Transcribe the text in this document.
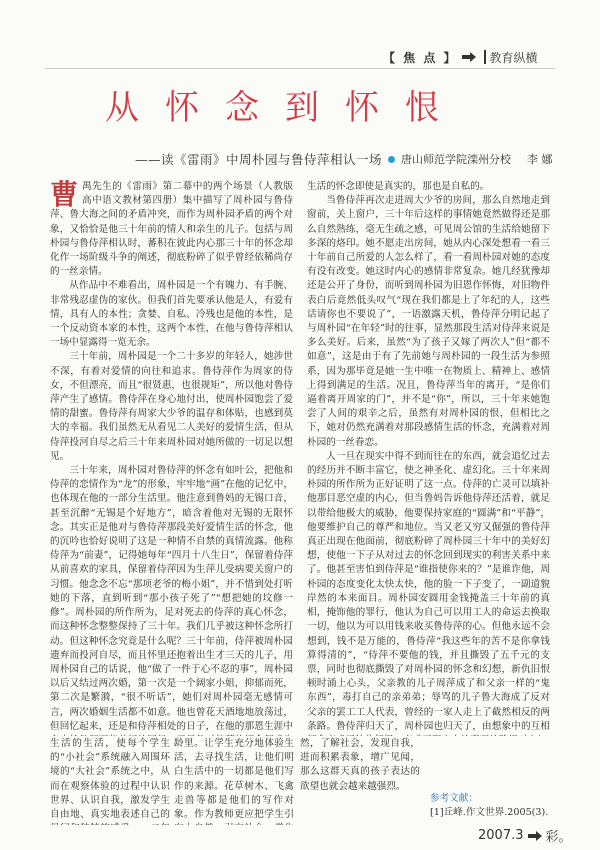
【 焦 点 】	教育纵横
从怀念到怀恨
——读《雷雨》中周朴园与鲁侍萍相认一场 唐山师范学院滦州分校 李 娜

曹禺先生的《雷雨》第二幕中的两个场景（人教版高中语文教材第四册）集中描写了周朴园与鲁侍萍、鲁大海之间的矛盾冲突，而作为周朴园矛盾的两个对象，又恰恰是他三十年前的情人和亲生的儿子。包括与周朴园与鲁侍萍相认时，蕃积在彼此内心那三十年的怀念却化作一场阶级斗争的阐述，彻底粉碎了似乎曾经依稀尚存的一丝亲情。

从作品中不难看出，周朴园是一个有魄力、有手腕、非常残忍虚伪的家伙。但我们首先要承认他是人，有爱有情，具有人的本性；贪婪、自私、冷残也是他的本性，是一个反动资本家的本性，这两个本性，在他与鲁侍萍相认一场中显露得一览无余。

三十年前，周朴园是一个二十多岁的年轻人，她涉世不深，有着对爱情的向往和追求。鲁侍萍作为周家的侍女，不但漂亮，而且“很贤惠，也很规矩”，所以他对鲁侍萍产生了感情。鲁侍萍在身心地付出，使周朴园饱尝了爱情的甜蜜。鲁侍萍有周家大少爷的温存和体贴，也感到莫大的幸福。我们虽然无从看见二人美好的爱情生活，但从侍萍投河自尽之后三十年来周朴园对她所做的一切足以想见。

三十年来，周朴园对鲁侍萍的怀念有如叶公，把他和侍萍的恋情作为“龙”的形象，牢牢地“画”在他的记忆中，也体现在他的一部分生活里。他注意到鲁妈的无锡口音，甚至沉醉“无锡是个好地方”，暗含着他对无锡的无限怀念。其实正是他对与鲁侍萍那段美好爱情生活的怀念，他的沉吟也恰好说明了这是一种情不自禁的真情流露。他称侍萍为“前妻”，记得她每年“四月十八生日”，保留着侍萍从前喜欢的家具，保留着侍萍因为生萍儿受病要关窗户的习惯。他念念不忘“那项老爷的梅小姐”，并不惜到处打听她的下落，直到听到“那小孩子死了”“想把她的坟修一修”。周朴园的所作所为，足对死去的侍萍的真心怀念，而这种怀念整整保持了三十年。我们几乎被这种怀念所打动。但这种怀念究竟是什么呢？三十年前，侍萍被周朴园遗弃而投河自尽，而且怀里还抱着出生才三天的儿子，用周朴园自己的话说，他“做了一件于心不忍的事”，周朴园以后又结过两次婚，第一次是一个阔家小姐，抑郁而死，第二次是繁漪，“很不听话”，她们对周朴园毫无感情可言，两次婚姻生活都不如意。他也曾花天酒地地放荡过，但回忆起来，还是和侍萍相处的日子，在他的那恩生涯中

生活的怀念即使是真实的，那也是自私的。

当鲁侍萍再次走进周大少爷的房间，那么自然地走到窗前，关上窗户，三十年后这样的事情她竟然做得还是那么自然熟练，毫无生疏之感，可见周公馆的生活给她留下多深的烙印。她不愿走出房间，她从内心深处想看一看三十年前自己所爱的人怎么样了，看一看周朴园对她的态度有没有改变。她这时内心的感情非常复杂。她几经犹豫却还是公开了身份，而听到周朴园为旧恩作怀悔，对旧物件表白后竟然低头叹气“现在我们都是上了年纪的人，这些话请你也不要说了”，一语激露天机，鲁侍萍分明记起了与周朴园“在年轻”时的往事，显然那段生活对侍萍来说是多么美好。后来，虽然“为了孩子又嫁了两次人”但“都不如意”，这是由于有了先前她与周朴园的一段生活为参照系，因为那毕竟是她一生中唯一在物质上、精神上、感情上得到满足的生活。况且，鲁侍萍当年的离开，“是你们逼着离开周家的门”，并不是“你”，所以，三十年来她饱尝了人间的艰辛之后，虽然有对周朴园的恨，但相比之下，她对仍然充满着对那段感情生活的怀念，充满着对周朴园的一丝眷恋。

人一旦在现实中得不到而往在的东西，就会追忆过去的经历并不断丰富它，使之神圣化、虚幻化。三十年来周朴园的所作所为正好证明了这一点。侍萍的亡灵可以填补他那目恶空虚的内心，但当鲁妈告诉他侍萍还活着，就足以带给他极大的威胁，他要保持家庭的“圆满”和“平静”，他要维护自己的尊严和地位。当又老又穷又倔强的鲁侍萍真正出现在他面前，彻底粉碎了周朴园三十年中的美好幻想，使他一下子从对过去的怀念回到现实的利害关系中来了。他甚至害怕到侍萍是“谁指使你来的？”是谁诈他，周朴园的态度变化太快太快，他的脸一下子变了，一副道貌岸然的本来面目。周朴园安圆用金钱掩盖三十年前的真相，掩饰他的罪行，他认为自己可以用工人的命运去换取一切，他以为可以用钱来收买鲁侍萍的心。但他永远不会想到，钱不是万能的，鲁侍萍“我这些年的苦不是你拿钱算得清的”，“侍萍不要他的钱，并且撕毁了五千元的支票，同时也彻底撕毁了对周朴园的怀念和幻想，新仇旧恨顿时涌上心头，父亲教的儿子周萍成了和父亲一样的“鬼东西”，毒打自己的亲弟弟；辱骂的儿子鲁大海成了反对父亲的罢工工人代表，曾经的一家人走上了截然相反的两条路。鲁侍萍归天了，周朴园也归天了，由想象中的互相

生活的生活，使每个学生的“小社会”系统融入周围环境的“大社会”系统之中，从而在观察体验的过程中认识世界、认识自我，激发学生自由地、真实地表述自己的

龄里。让学生充分地体验生活，去寻找生活，让他们明白生活中的一切都是他们写作的来源。花草树木、飞禽走兽等都是他们的写作对象。作为教师更应把学生引

然，了解社会，发现自我，进而积累表象，增广见闻，那么这群天真的孩子表达的欲望也就会越来越强烈。

参考文献：
[1]丘峰.作文世界.2005(3).
2007.3 彩。
